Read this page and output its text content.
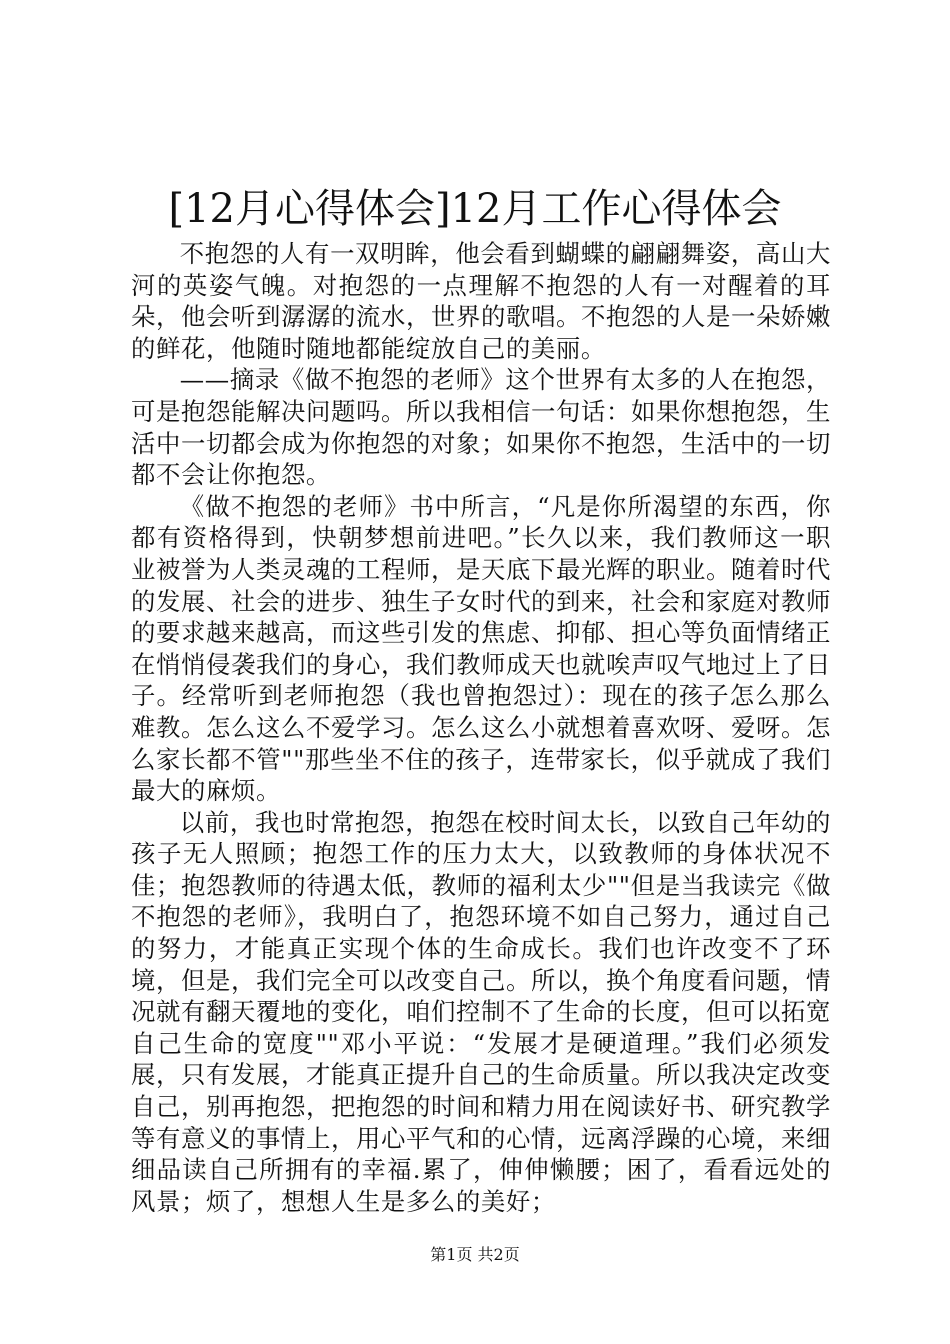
[12月心得体会]12月工作心得体会

不抱怨的人有一双明眸，他会看到蝴蝶的翩翩舞姿，高山大河的英姿气魄。对抱怨的一点理解不抱怨的人有一对醒着的耳朵，他会听到潺潺的流水，世界的歌唱。不抱怨的人是一朵娇嫩的鲜花，他随时随地都能绽放自己的美丽。

——摘录《做不抱怨的老师》这个世界有太多的人在抱怨，可是抱怨能解决问题吗。所以我相信一句话：如果你想抱怨，生活中一切都会成为你抱怨的对象；如果你不抱怨，生活中的一切都不会让你抱怨。

《做不抱怨的老师》书中所言，“凡是你所渴望的东西，你都有资格得到，快朝梦想前进吧。”长久以来，我们教师这一职业被誉为人类灵魂的工程师，是天底下最光辉的职业。随着时代的发展、社会的进步、独生子女时代的到来，社会和家庭对教师的要求越来越高，而这些引发的焦虑、抑郁、担心等负面情绪正在悄悄侵袭我们的身心，我们教师成天也就唉声叹气地过上了日子。经常听到老师抱怨（我也曾抱怨过）：现在的孩子怎么那么难教。怎么这么不爱学习。怎么这么小就想着喜欢呀、爱呀。怎么家长都不管""那些坐不住的孩子，连带家长，似乎就成了我们最大的麻烦。

以前，我也时常抱怨，抱怨在校时间太长，以致自己年幼的孩子无人照顾；抱怨工作的压力太大，以致教师的身体状况不佳；抱怨教师的待遇太低，教师的福利太少""但是当我读完《做不抱怨的老师》，我明白了，抱怨环境不如自己努力，通过自己的努力，才能真正实现个体的生命成长。我们也许改变不了环境，但是，我们完全可以改变自己。所以，换个角度看问题，情况就有翻天覆地的变化，咱们控制不了生命的长度，但可以拓宽自己生命的宽度""邓小平说：“发展才是硬道理。”我们必须发展，只有发展，才能真正提升自己的生命质量。所以我决定改变自己，别再抱怨，把抱怨的时间和精力用在阅读好书、研究教学等有意义的事情上，用心平气和的心情，远离浮躁的心境，来细细品读自己所拥有的幸福.累了，伸伸懒腰；困了，看看远处的风景；烦了，想想人生是多么的美好；

第1页 共2页
